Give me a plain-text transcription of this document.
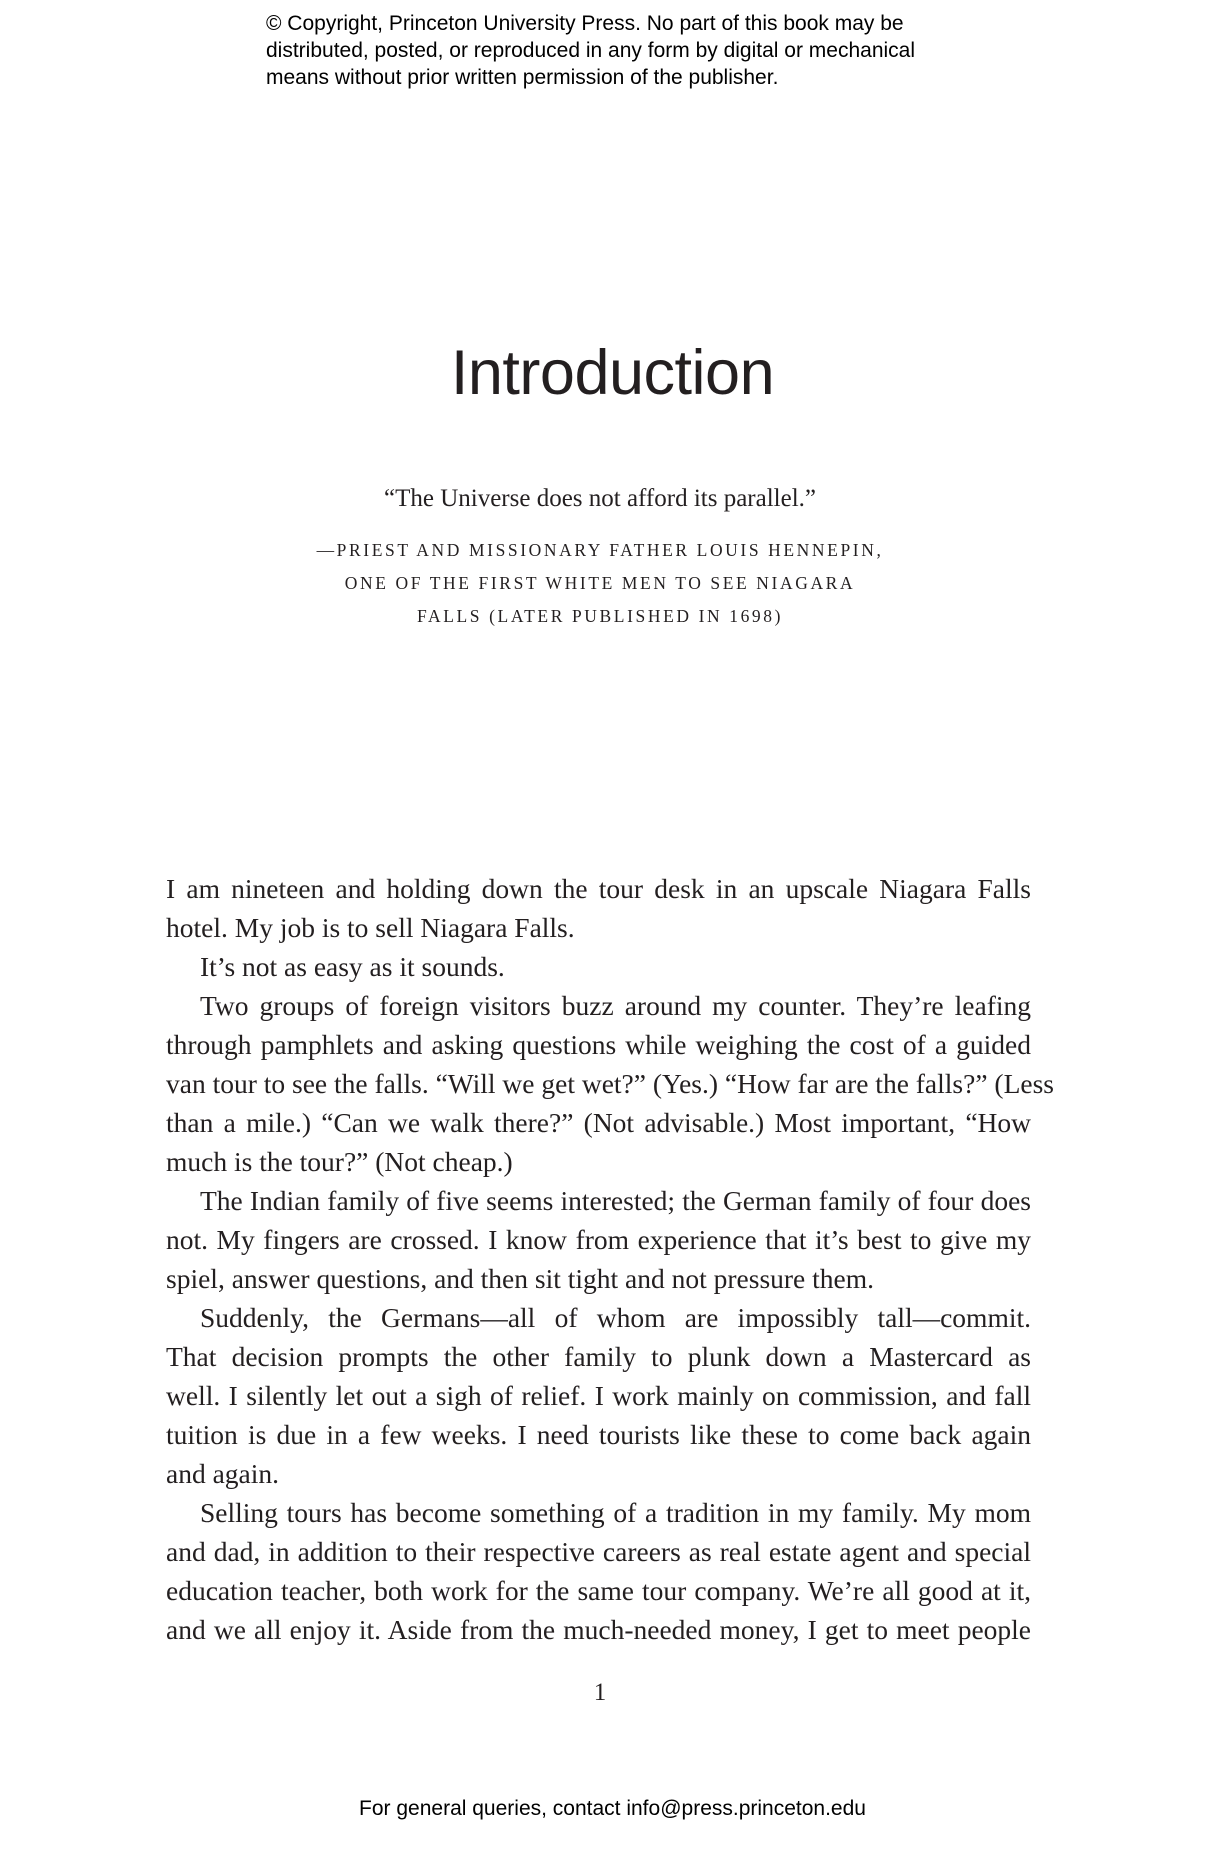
© Copyright, Princeton University Press. No part of this book may be
distributed, posted, or reproduced in any form by digital or mechanical
means without prior written permission of the publisher.
Introduction
“The Universe does not afford its parallel.”
—PRIEST AND MISSIONARY FATHER LOUIS HENNEPIN,
ONE OF THE FIRST WHITE MEN TO SEE NIAGARA
FALLS (LATER PUBLISHED IN 1698)
I am nineteen and holding down the tour desk in an upscale Niagara Falls
hotel. My job is to sell Niagara Falls.
It’s not as easy as it sounds.
Two groups of foreign visitors buzz around my counter. They’re leafing
through pamphlets and asking questions while weighing the cost of a guided
van tour to see the falls. “Will we get wet?” (Yes.) “How far are the falls?” (Less
than a mile.) “Can we walk there?” (Not advisable.) Most important, “How
much is the tour?” (Not cheap.)
The Indian family of five seems interested; the German family of four does
not. My fingers are crossed. I know from experience that it’s best to give my
spiel, answer questions, and then sit tight and not pressure them.
Suddenly, the Germans—all of whom are impossibly tall—commit.
That decision prompts the other family to plunk down a Mastercard as
well. I silently let out a sigh of relief. I work mainly on commission, and fall
tuition is due in a few weeks. I need tourists like these to come back again
and again.
Selling tours has become something of a tradition in my family. My mom
and dad, in addition to their respective careers as real estate agent and special
education teacher, both work for the same tour company. We’re all good at it,
and we all enjoy it. Aside from the much-needed money, I get to meet people
1
For general queries, contact info@press.princeton.edu
